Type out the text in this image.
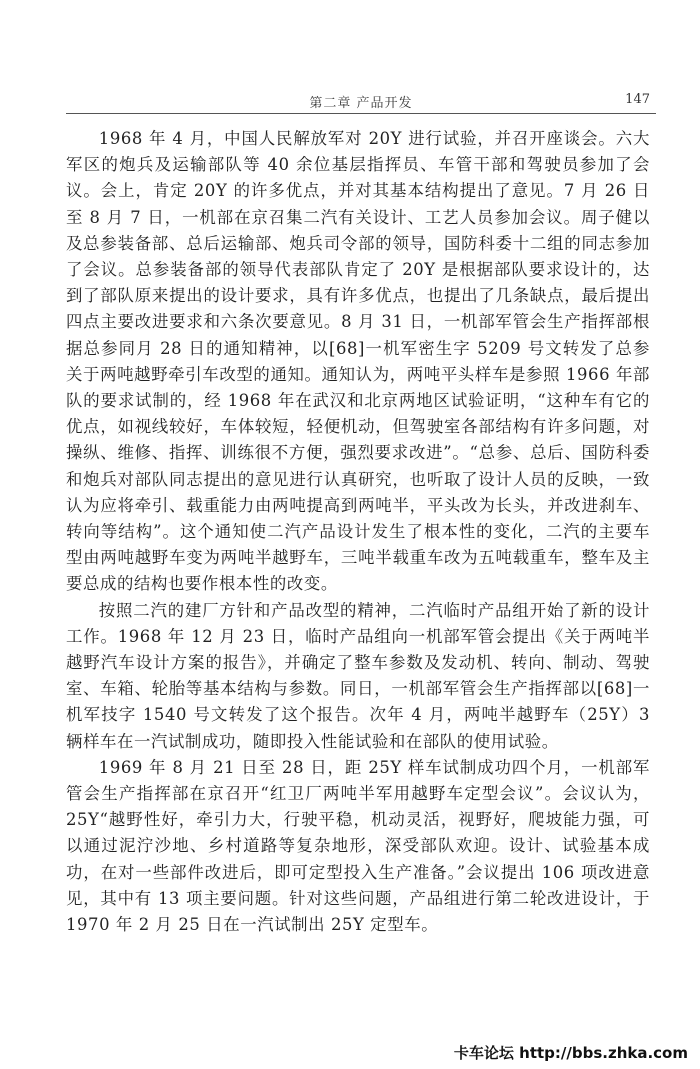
第二章 产品开发	147

1968 年 4 月，中国人民解放军对 20Y 进行试验，并召开座谈会。六大军区的炮兵及运输部队等 40 余位基层指挥员、车管干部和驾驶员参加了会议。会上，肯定 20Y 的许多优点，并对其基本结构提出了意见。7 月 26 日至 8 月 7 日，一机部在京召集二汽有关设计、工艺人员参加会议。周子健以及总参装备部、总后运输部、炮兵司令部的领导，国防科委十二组的同志参加了会议。总参装备部的领导代表部队肯定了 20Y 是根据部队要求设计的，达到了部队原来提出的设计要求，具有许多优点，也提出了几条缺点，最后提出四点主要改进要求和六条次要意见。8 月 31 日，一机部军管会生产指挥部根据总参同月 28 日的通知精神，以[68]一机军密生字 5209 号文转发了总参关于两吨越野牵引车改型的通知。通知认为，两吨平头样车是参照 1966 年部队的要求试制的，经 1968 年在武汉和北京两地区试验证明，“这种车有它的优点，如视线较好，车体较短，轻便机动，但驾驶室各部结构有许多问题，对操纵、维修、指挥、训练很不方便，强烈要求改进”。“总参、总后、国防科委和炮兵对部队同志提出的意见进行认真研究，也听取了设计人员的反映，一致认为应将牵引、载重能力由两吨提高到两吨半，平头改为长头，并改进刹车、转向等结构”。这个通知使二汽产品设计发生了根本性的变化，二汽的主要车型由两吨越野车变为两吨半越野车，三吨半载重车改为五吨载重车，整车及主要总成的结构也要作根本性的改变。

按照二汽的建厂方针和产品改型的精神，二汽临时产品组开始了新的设计工作。1968 年 12 月 23 日，临时产品组向一机部军管会提出《关于两吨半越野汽车设计方案的报告》，并确定了整车参数及发动机、转向、制动、驾驶室、车箱、轮胎等基本结构与参数。同日，一机部军管会生产指挥部以[68]一机军技字 1540 号文转发了这个报告。次年 4 月，两吨半越野车（25Y）3 辆样车在一汽试制成功，随即投入性能试验和在部队的使用试验。

1969 年 8 月 21 日至 28 日，距 25Y 样车试制成功四个月，一机部军管会生产指挥部在京召开“红卫厂两吨半军用越野车定型会议”。会议认为，25Y“越野性好，牵引力大，行驶平稳，机动灵活，视野好，爬坡能力强，可以通过泥泞沙地、乡村道路等复杂地形，深受部队欢迎。设计、试验基本成功，在对一些部件改进后，即可定型投入生产准备。”会议提出 106 项改进意见，其中有 13 项主要问题。针对这些问题，产品组进行第二轮改进设计，于 1970 年 2 月 25 日在一汽试制出 25Y 定型车。

卡车论坛 http://bbs.zhka.com
